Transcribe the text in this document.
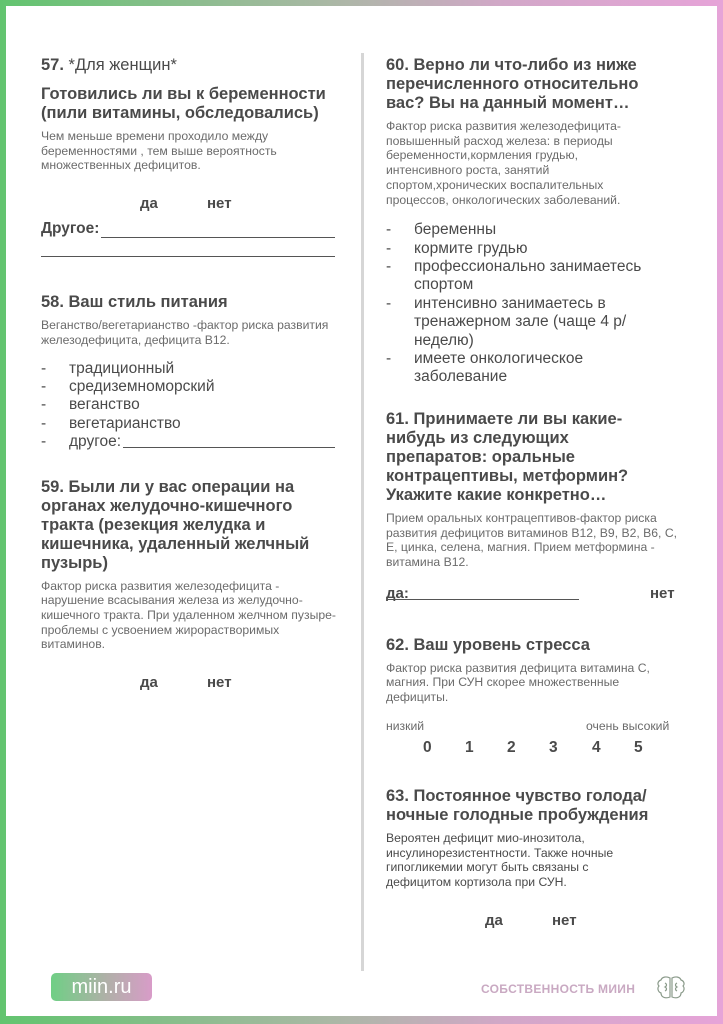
57. *Для женщин*
Готовились ли вы к беременности (пили витамины, обследовались)
Чем меньше времени проходило между беременностями , тем выше вероятность множественных дефицитов.
да	нет
Другое:
58. Ваш стиль питания
Веганство/вегетарианство -фактор риска развития железодефицита, дефицита В12.
- традиционный
- средиземноморский
- веганство
- вегетарианство
- другое:
59. Были ли у вас операции на органах желудочно-кишечного тракта (резекция желудка и кишечника, удаленный желчный пузырь)
Фактор риска развития железодефицита - нарушение всасывания железа из желудочно-кишечного тракта. При удаленном желчном пузыре-проблемы с усвоением жирорастворимых витаминов.
да	нет
60. Верно ли что-либо из ниже перечисленного относительно вас? Вы на данный момент…
Фактор риска развития железодефицита-повышенный расход железа: в периоды беременности,кормления грудью, интенсивного роста, занятий спортом,хронических воспалительных процессов, онкологических заболеваний.
- беременны
- кормите грудью
- профессионально занимаетесь спортом
- интенсивно занимаетесь в тренажерном зале (чаще 4 р/неделю)
- имеете онкологическое заболевание
61. Принимаете ли вы какие-нибудь из следующих препаратов: оральные контрацептивы, метформин? Укажите какие конкретно…
Прием оральных контрацептивов-фактор риска развития дефицитов витаминов В12, В9, В2, В6, С, Е, цинка, селена, магния. Прием метформина - витамина В12.
да:	нет
62. Ваш уровень стресса
Фактор риска развития дефицита витамина С, магния. При СУН скорее множественные дефициты.
низкий	очень высокий
0 1 2 3 4 5
63. Постоянное чувство голода/ ночные голодные пробуждения
Вероятен дефицит мио-инозитола, инсулинорезистентности. Также ночные гипогликемии могут быть связаны с дефицитом кортизола при СУН.
да	нет
miin.ru	СОБСТВЕННОСТЬ МИИН
